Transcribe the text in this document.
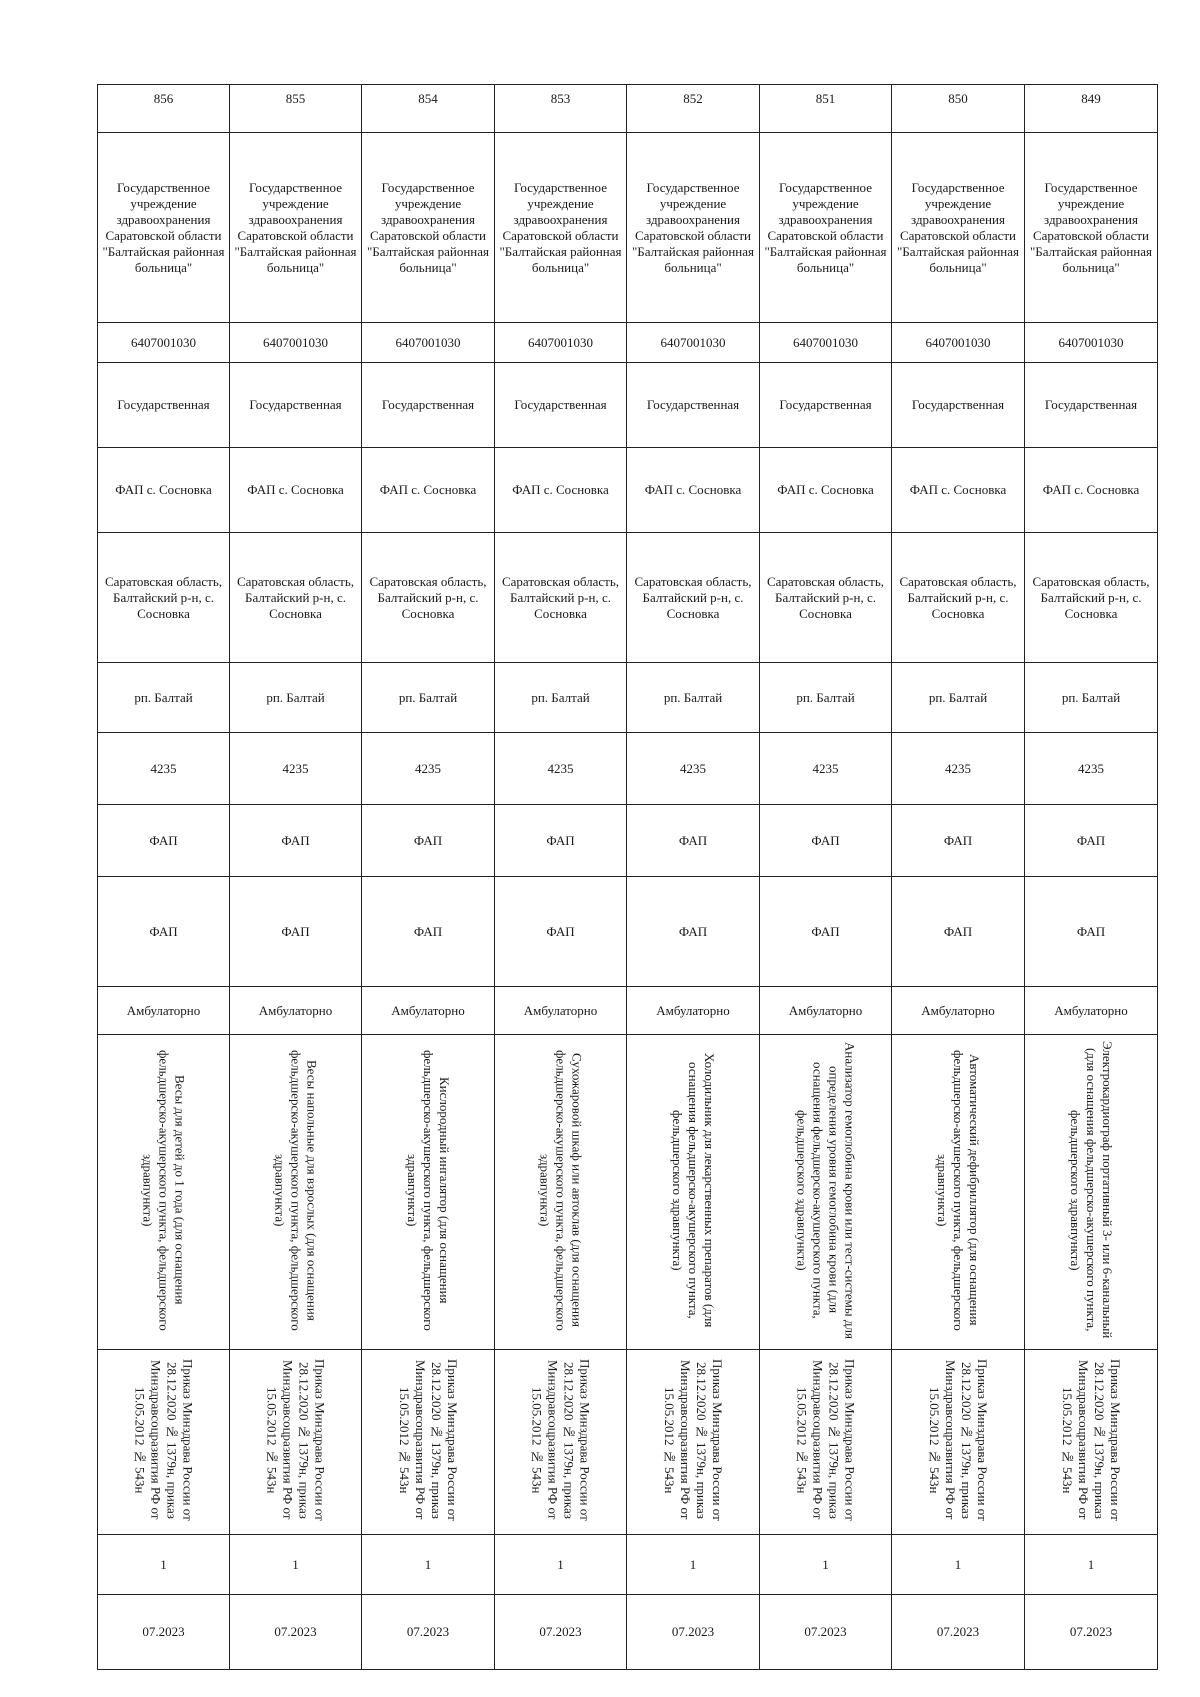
856	855	854	853	852	851	850	849
Государственное учреждение здравоохранения Саратовской области "Балтайская районная больница"	Государственное учреждение здравоохранения Саратовской области "Балтайская районная больница"	Государственное учреждение здравоохранения Саратовской области "Балтайская районная больница"	Государственное учреждение здравоохранения Саратовской области "Балтайская районная больница"	Государственное учреждение здравоохранения Саратовской области "Балтайская районная больница"	Государственное учреждение здравоохранения Саратовской области "Балтайская районная больница"	Государственное учреждение здравоохранения Саратовской области "Балтайская районная больница"	Государственное учреждение здравоохранения Саратовской области "Балтайская районная больница"
6407001030	6407001030	6407001030	6407001030	6407001030	6407001030	6407001030	6407001030
Государственная	Государственная	Государственная	Государственная	Государственная	Государственная	Государственная	Государственная
ФАП с. Сосновка	ФАП с. Сосновка	ФАП с. Сосновка	ФАП с. Сосновка	ФАП с. Сосновка	ФАП с. Сосновка	ФАП с. Сосновка	ФАП с. Сосновка
Саратовская область, Балтайский р-н, с. Сосновка	Саратовская область, Балтайский р-н, с. Сосновка	Саратовская область, Балтайский р-н, с. Сосновка	Саратовская область, Балтайский р-н, с. Сосновка	Саратовская область, Балтайский р-н, с. Сосновка	Саратовская область, Балтайский р-н, с. Сосновка	Саратовская область, Балтайский р-н, с. Сосновка	Саратовская область, Балтайский р-н, с. Сосновка
рп. Балтай	рп. Балтай	рп. Балтай	рп. Балтай	рп. Балтай	рп. Балтай	рп. Балтай	рп. Балтай
4235	4235	4235	4235	4235	4235	4235	4235
ФАП	ФАП	ФАП	ФАП	ФАП	ФАП	ФАП	ФАП
ФАП	ФАП	ФАП	ФАП	ФАП	ФАП	ФАП	ФАП
Амбулаторно	Амбулаторно	Амбулаторно	Амбулаторно	Амбулаторно	Амбулаторно	Амбулаторно	Амбулаторно
Весы для детей до 1 года (для оснащения фельдшерско-акушерского пункта, фельдшерского здравпункта)	Весы напольные для взрослых (для оснащения фельдшерско-акушерского пункта, фельдшерского здравпункта)	Кислородный ингалятор (для оснащения фельдшерско-акушерского пункта, фельдшерского здравпункта)	Сухожаровой шкаф или автоклав (для оснащения фельдшерско-акушерского пункта, фельдшерского здравпункта)	Холодильник для лекарственных препаратов (для оснащения фельдшерско-акушерского пункта, фельдшерского здравпункта)	Анализатор гемоглобина крови или тест-системы для определения уровня гемоглобина крови (для оснащения фельдшерско-акушерского пункта, фельдшерского здравпункта)	Автоматический дефибриллятор (для оснащения фельдшерско-акушерского пункта, фельдшерского здравпункта)	Электрокардиограф портативный 3- или 6-канальный (для оснащения фельдшерско-акушерского пункта, фельдшерского здравпункта)
Приказ Минздрава России от 28.12.2020 № 1379н, приказ Минздравсоцразвития РФ от 15.05.2012 № 543н	Приказ Минздрава России от 28.12.2020 № 1379н, приказ Минздравсоцразвития РФ от 15.05.2012 № 543н	Приказ Минздрава России от 28.12.2020 № 1379н, приказ Минздравсоцразвития РФ от 15.05.2012 № 543н	Приказ Минздрава России от 28.12.2020 № 1379н, приказ Минздравсоцразвития РФ от 15.05.2012 № 543н	Приказ Минздрава России от 28.12.2020 № 1379н, приказ Минздравсоцразвития РФ от 15.05.2012 № 543н	Приказ Минздрава России от 28.12.2020 № 1379н, приказ Минздравсоцразвития РФ от 15.05.2012 № 543н	Приказ Минздрава России от 28.12.2020 № 1379н, приказ Минздравсоцразвития РФ от 15.05.2012 № 543н	Приказ Минздрава России от 28.12.2020 № 1379н, приказ Минздравсоцразвития РФ от 15.05.2012 № 543н
1	1	1	1	1	1	1	1
07.2023	07.2023	07.2023	07.2023	07.2023	07.2023	07.2023	07.2023
